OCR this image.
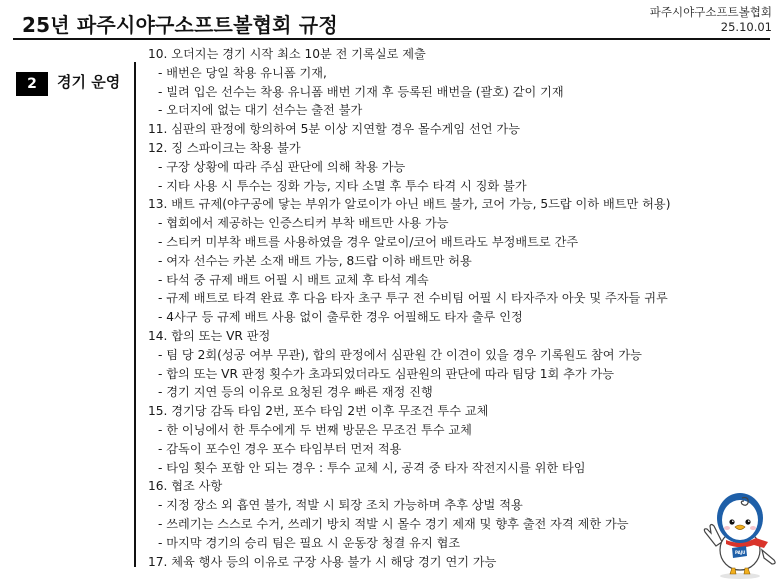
25년 파주시야구소프트볼협회 규정
파주시야구소프트볼협회
25.10.01
2	경기 운영
10. 오더지는 경기 시작 최소 10분 전 기록실로 제출
- 배번은 당일 착용 유니폼 기재,
- 빌려 입은 선수는 착용 유니폼 배번 기재 후 등록된 배번을 (괄호) 같이 기재
- 오더지에 없는 대기 선수는 출전 불가
11. 심판의 판정에 항의하여 5분 이상 지연할 경우 몰수게임 선언 가능
12. 징 스파이크는 착용 불가
- 구장 상황에 따라 주심 판단에 의해 착용 가능
- 지타 사용 시 투수는 징화 가능, 지타 소멸 후 투수 타격 시 징화 불가
13. 배트 규제(야구공에 닿는 부위가 알로이가 아닌 배트 불가, 코어 가능, 5드랍 이하 배트만 허용)
- 협회에서 제공하는 인증스티커 부착 배트만 사용 가능
- 스티커 미부착 배트를 사용하였을 경우 알로이/코어 배트라도 부정배트로 간주
- 여자 선수는 카본 소재 배트 가능, 8드랍 이하 배트만 허용
- 타석 중 규제 배트 어필 시 배트 교체 후 타석 계속
- 규제 배트로 타격 완료 후 다음 타자 초구 투구 전 수비팀 어필 시 타자주자 아웃 및 주자들 귀루
- 4사구 등 규제 배트 사용 없이 출루한 경우 어필해도 타자 출루 인정
14. 합의 또는 VR 판정
- 팀 당 2회(성공 여부 무관), 합의 판정에서 심판원 간 이견이 있을 경우 기록원도 참여 가능
- 합의 또는 VR 판정 횟수가 초과되었더라도 심판원의 판단에 따라 팀당 1회 추가 가능
- 경기 지연 등의 이유로 요청된 경우 빠른 재정 진행
15. 경기당 감독 타임 2번, 포수 타임 2번 이후 무조건 투수 교체
- 한 이닝에서 한 투수에게 두 번째 방문은 무조건 투수 교체
- 감독이 포수인 경우 포수 타임부터 먼저 적용
- 타임 횟수 포함 안 되는 경우 : 투수 교체 시, 공격 중 타자 작전지시를 위한 타임
16. 협조 사항
- 지정 장소 외 흡연 불가, 적발 시 퇴장 조치 가능하며 추후 상벌 적용
- 쓰레기는 스스로 수거, 쓰레기 방치 적발 시 몰수 경기 제재 및 향후 출전 자격 제한 가능
- 마지막 경기의 승리 팀은 필요 시 운동장 청결 유지 협조
17. 체육 행사 등의 이유로 구장 사용 불가 시 해당 경기 연기 가능
PAJU
